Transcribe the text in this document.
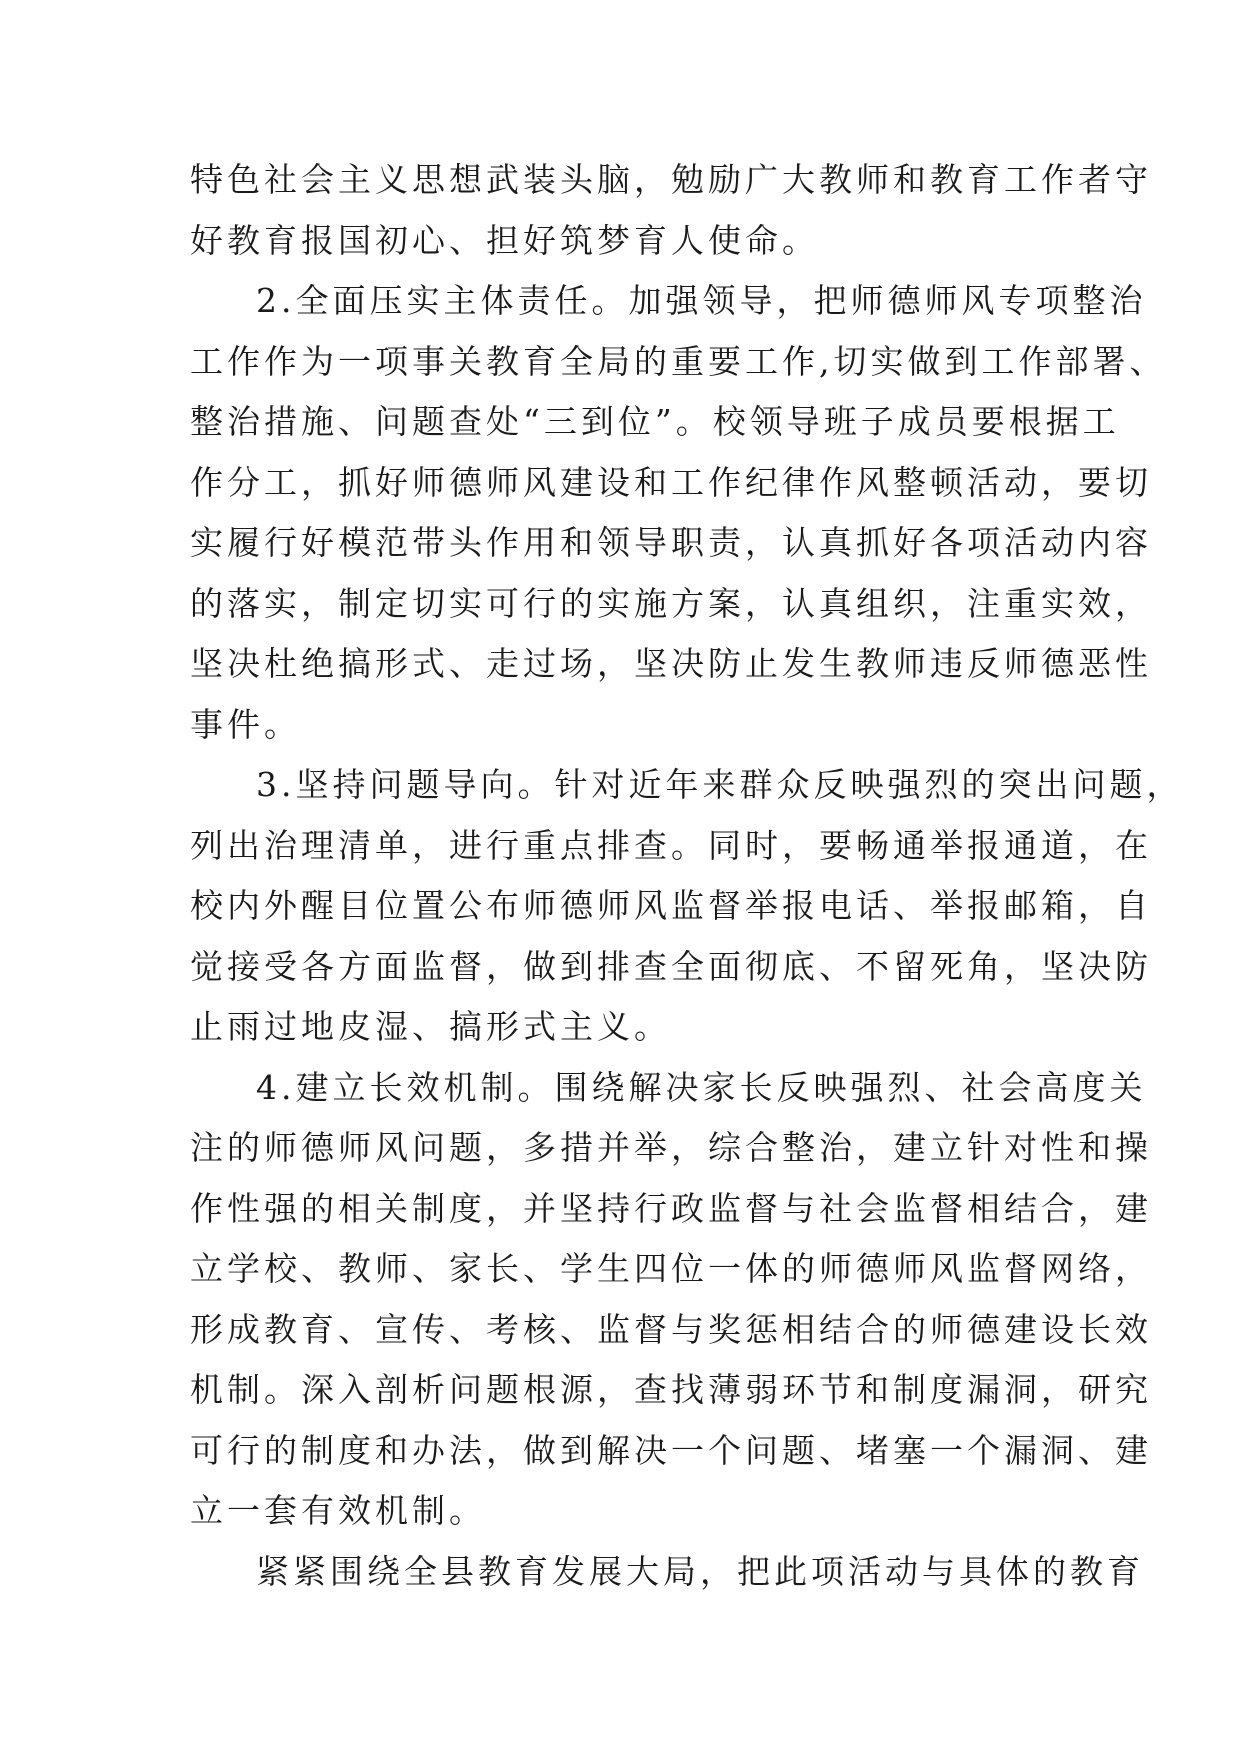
特色社会主义思想武装头脑，勉励广大教师和教育工作者守
好教育报国初心、担好筑梦育人使命。
2.全面压实主体责任。加强领导，把师德师风专项整治
工作作为一项事关教育全局的重要工作,切实做到工作部署、
整治措施、问题查处“三到位”。校领导班子成员要根据工
作分工，抓好师德师风建设和工作纪律作风整顿活动，要切
实履行好模范带头作用和领导职责，认真抓好各项活动内容
的落实，制定切实可行的实施方案，认真组织，注重实效，
坚决杜绝搞形式、走过场，坚决防止发生教师违反师德恶性
事件。
3.坚持问题导向。针对近年来群众反映强烈的突出问题，
列出治理清单，进行重点排查。同时，要畅通举报通道，在
校内外醒目位置公布师德师风监督举报电话、举报邮箱，自
觉接受各方面监督，做到排查全面彻底、不留死角，坚决防
止雨过地皮湿、搞形式主义。
4.建立长效机制。围绕解决家长反映强烈、社会高度关
注的师德师风问题，多措并举，综合整治，建立针对性和操
作性强的相关制度，并坚持行政监督与社会监督相结合，建
立学校、教师、家长、学生四位一体的师德师风监督网络，
形成教育、宣传、考核、监督与奖惩相结合的师德建设长效
机制。深入剖析问题根源，查找薄弱环节和制度漏洞，研究
可行的制度和办法，做到解决一个问题、堵塞一个漏洞、建
立一套有效机制。
紧紧围绕全县教育发展大局，把此项活动与具体的教育
